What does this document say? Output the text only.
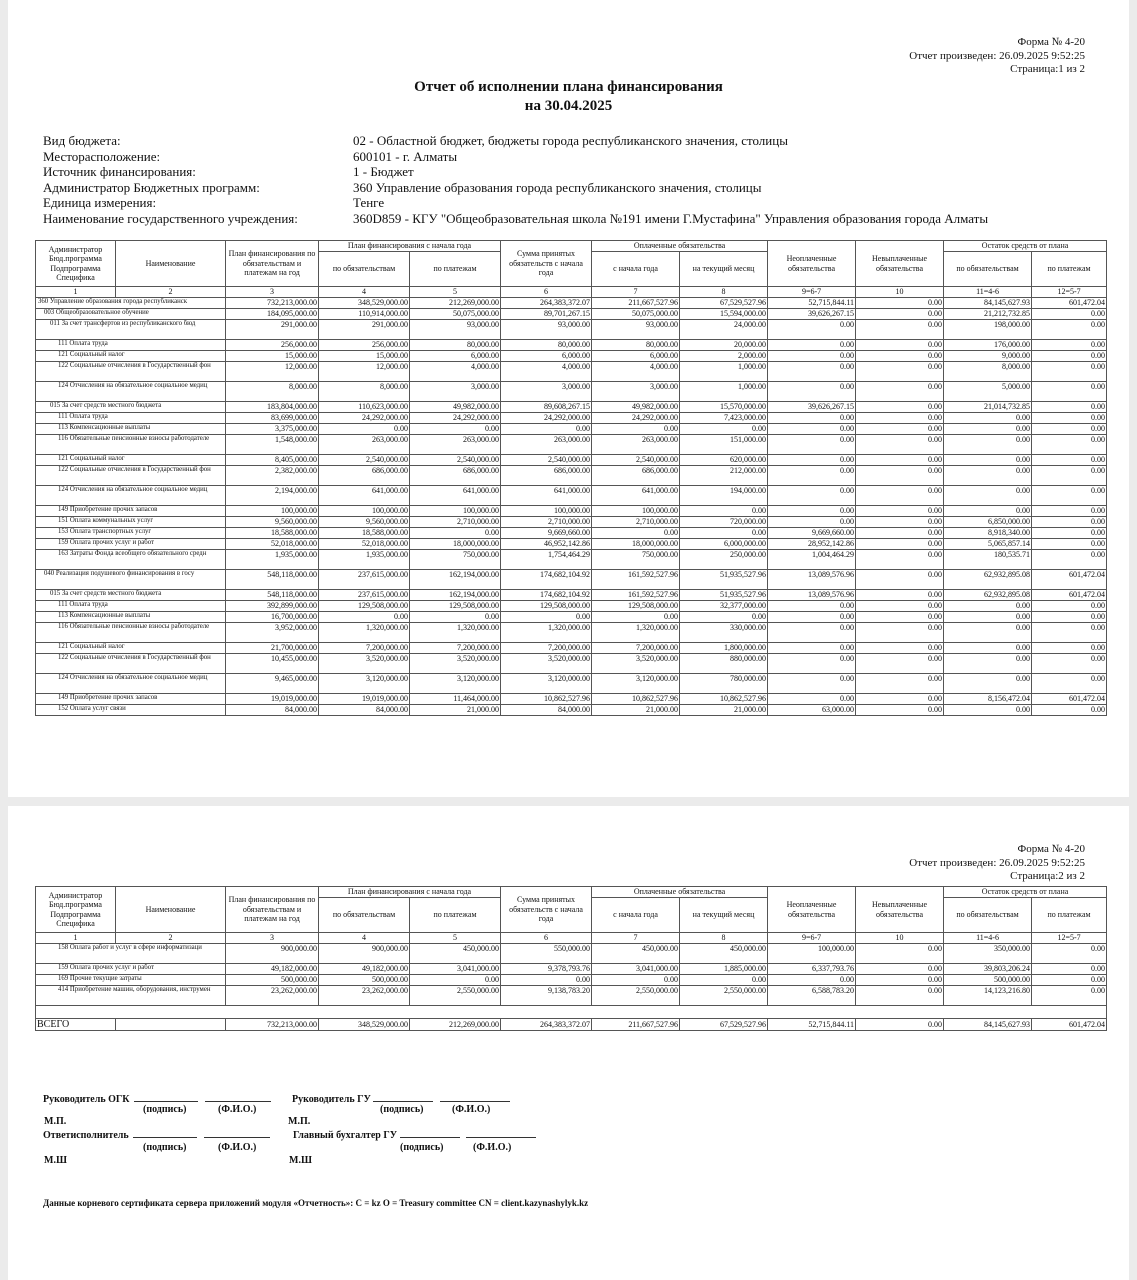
Форма № 4-20
Отчет произведен: 26.09.2025 9:52:25
Страница:1 из 2
Отчет об исполнении плана финансирования
на 30.04.2025
Вид бюджета:	02 - Областной бюджет, бюджеты города республиканского значения, столицы
Месторасположение:	600101 - г. Алматы
Источник финансирования:	1 - Бюджет
Администратор Бюджетных программ:	360 Управление образования города республиканского значения, столицы
Единица измерения:	Тенге
Наименование государственного учреждения:	360D859 - КГУ "Общеобразовательная школа №191 имени Г.Мустафина" Управления образования города Алматы
Администратор Бюд.программа Подпрограмма Специфика	Наименование	План финансирования по обязательствам и платежам на год	План финансирования с начала года		Сумма принятых обязательств с начала года	Оплаченные обязательства		Неоплаченные обязательства	Невыплаченные обязательства	Остаток средств от плана	
			по обязательствам	по платежам		с начала года	на текущий месяц			по обязательствам	по платежам
1	2	3	4	5	6	7	8	9=6-7	10	11=4-6	12=5-7
360 Управление образования города республиканск		732,213,000.00	348,529,000.00	212,269,000.00	264,383,372.07	211,667,527.96	67,529,527.96	52,715,844.11	0.00	84,145,627.93	601,472.04
003 Общеобразовательное обучение		184,095,000.00	110,914,000.00	50,075,000.00	89,701,267.15	50,075,000.00	15,594,000.00	39,626,267.15	0.00	21,212,732.85	0.00
011 За счет трансфертов из республиканского бюд		291,000.00	291,000.00	93,000.00	93,000.00	93,000.00	24,000.00	0.00	0.00	198,000.00	0.00
111 Оплата труда		256,000.00	256,000.00	80,000.00	80,000.00	80,000.00	20,000.00	0.00	0.00	176,000.00	0.00
121 Социальный налог		15,000.00	15,000.00	6,000.00	6,000.00	6,000.00	2,000.00	0.00	0.00	9,000.00	0.00
122 Социальные отчисления в Государственный фон		12,000.00	12,000.00	4,000.00	4,000.00	4,000.00	1,000.00	0.00	0.00	8,000.00	0.00
124 Отчисления на обязательное социальное медиц		8,000.00	8,000.00	3,000.00	3,000.00	3,000.00	1,000.00	0.00	0.00	5,000.00	0.00
015 За счет средств местного бюджета		183,804,000.00	110,623,000.00	49,982,000.00	89,608,267.15	49,982,000.00	15,570,000.00	39,626,267.15	0.00	21,014,732.85	0.00
111 Оплата труда		83,699,000.00	24,292,000.00	24,292,000.00	24,292,000.00	24,292,000.00	7,423,000.00	0.00	0.00	0.00	0.00
113 Компенсационные выплаты		3,375,000.00	0.00	0.00	0.00	0.00	0.00	0.00	0.00	0.00	0.00
116 Обязательные пенсионные взносы работодателе		1,548,000.00	263,000.00	263,000.00	263,000.00	263,000.00	151,000.00	0.00	0.00	0.00	0.00
121 Социальный налог		8,405,000.00	2,540,000.00	2,540,000.00	2,540,000.00	2,540,000.00	620,000.00	0.00	0.00	0.00	0.00
122 Социальные отчисления в Государственный фон		2,382,000.00	686,000.00	686,000.00	686,000.00	686,000.00	212,000.00	0.00	0.00	0.00	0.00
124 Отчисления на обязательное социальное медиц		2,194,000.00	641,000.00	641,000.00	641,000.00	641,000.00	194,000.00	0.00	0.00	0.00	0.00
149 Приобретение прочих запасов		100,000.00	100,000.00	100,000.00	100,000.00	100,000.00	0.00	0.00	0.00	0.00	0.00
151 Оплата коммунальных услуг		9,560,000.00	9,560,000.00	2,710,000.00	2,710,000.00	2,710,000.00	720,000.00	0.00	0.00	6,850,000.00	0.00
153 Оплата транспортных услуг		18,588,000.00	18,588,000.00	0.00	9,669,660.00	0.00	0.00	9,669,660.00	0.00	8,918,340.00	0.00
159 Оплата прочих услуг и работ		52,018,000.00	52,018,000.00	18,000,000.00	46,952,142.86	18,000,000.00	6,000,000.00	28,952,142.86	0.00	5,065,857.14	0.00
163 Затраты Фонда всеобщего обязательного средн		1,935,000.00	1,935,000.00	750,000.00	1,754,464.29	750,000.00	250,000.00	1,004,464.29	0.00	180,535.71	0.00
040 Реализация подушевого финансирования в госу		548,118,000.00	237,615,000.00	162,194,000.00	174,682,104.92	161,592,527.96	51,935,527.96	13,089,576.96	0.00	62,932,895.08	601,472.04
015 За счет средств местного бюджета		548,118,000.00	237,615,000.00	162,194,000.00	174,682,104.92	161,592,527.96	51,935,527.96	13,089,576.96	0.00	62,932,895.08	601,472.04
111 Оплата труда		392,899,000.00	129,508,000.00	129,508,000.00	129,508,000.00	129,508,000.00	32,377,000.00	0.00	0.00	0.00	0.00
113 Компенсационные выплаты		16,700,000.00	0.00	0.00	0.00	0.00	0.00	0.00	0.00	0.00	0.00
116 Обязательные пенсионные взносы работодателе		3,952,000.00	1,320,000.00	1,320,000.00	1,320,000.00	1,320,000.00	330,000.00	0.00	0.00	0.00	0.00
121 Социальный налог		21,700,000.00	7,200,000.00	7,200,000.00	7,200,000.00	7,200,000.00	1,800,000.00	0.00	0.00	0.00	0.00
122 Социальные отчисления в Государственный фон		10,455,000.00	3,520,000.00	3,520,000.00	3,520,000.00	3,520,000.00	880,000.00	0.00	0.00	0.00	0.00
124 Отчисления на обязательное социальное медиц		9,465,000.00	3,120,000.00	3,120,000.00	3,120,000.00	3,120,000.00	780,000.00	0.00	0.00	0.00	0.00
149 Приобретение прочих запасов		19,019,000.00	19,019,000.00	11,464,000.00	10,862,527.96	10,862,527.96	10,862,527.96	0.00	0.00	8,156,472.04	601,472.04
152 Оплата услуг связи		84,000.00	84,000.00	21,000.00	84,000.00	21,000.00	21,000.00	63,000.00	0.00	0.00	0.00
Форма № 4-20
Отчет произведен: 26.09.2025 9:52:25
Страница:2 из 2
Администратор Бюд.программа Подпрограмма Специфика	Наименование	План финансирования по обязательствам и платежам на год	План финансирования с начала года		Сумма принятых обязательств с начала года	Оплаченные обязательства		Неоплаченные обязательства	Невыплаченные обязательства	Остаток средств от плана	
			по обязательствам	по платежам		с начала года	на текущий месяц			по обязательствам	по платежам
1	2	3	4	5	6	7	8	9=6-7	10	11=4-6	12=5-7
158 Оплата работ и услуг в сфере информатизаци		900,000.00	900,000.00	450,000.00	550,000.00	450,000.00	450,000.00	100,000.00	0.00	350,000.00	0.00
159 Оплата прочих услуг и работ		49,182,000.00	49,182,000.00	3,041,000.00	9,378,793.76	3,041,000.00	1,885,000.00	6,337,793.76	0.00	39,803,206.24	0.00
169 Прочие текущие затраты		500,000.00	500,000.00	0.00	0.00	0.00	0.00	0.00	0.00	500,000.00	0.00
414 Приобретение машин, оборудования, инструмен		23,262,000.00	23,262,000.00	2,550,000.00	9,138,783.20	2,550,000.00	2,550,000.00	6,588,783.20	0.00	14,123,216.80	0.00

ВСЕГО		732,213,000.00	348,529,000.00	212,269,000.00	264,383,372.07	211,667,527.96	67,529,527.96	52,715,844.11	0.00	84,145,627.93	601,472.04
Руководитель ОГК
(подпись)	(Ф.И.О.)
М.П.
Ответисполнитель
(подпись)	(Ф.И.О.)
М.Ш
Руководитель ГУ
(подпись)	(Ф.И.О.)
М.П.
Главный бухгалтер ГУ
(подпись)	(Ф.И.О.)
М.Ш
Данные корневого сертификата сервера приложений модуля «Отчетность»: C = kz O = Treasury committee CN = client.kazynashylyk.kz
